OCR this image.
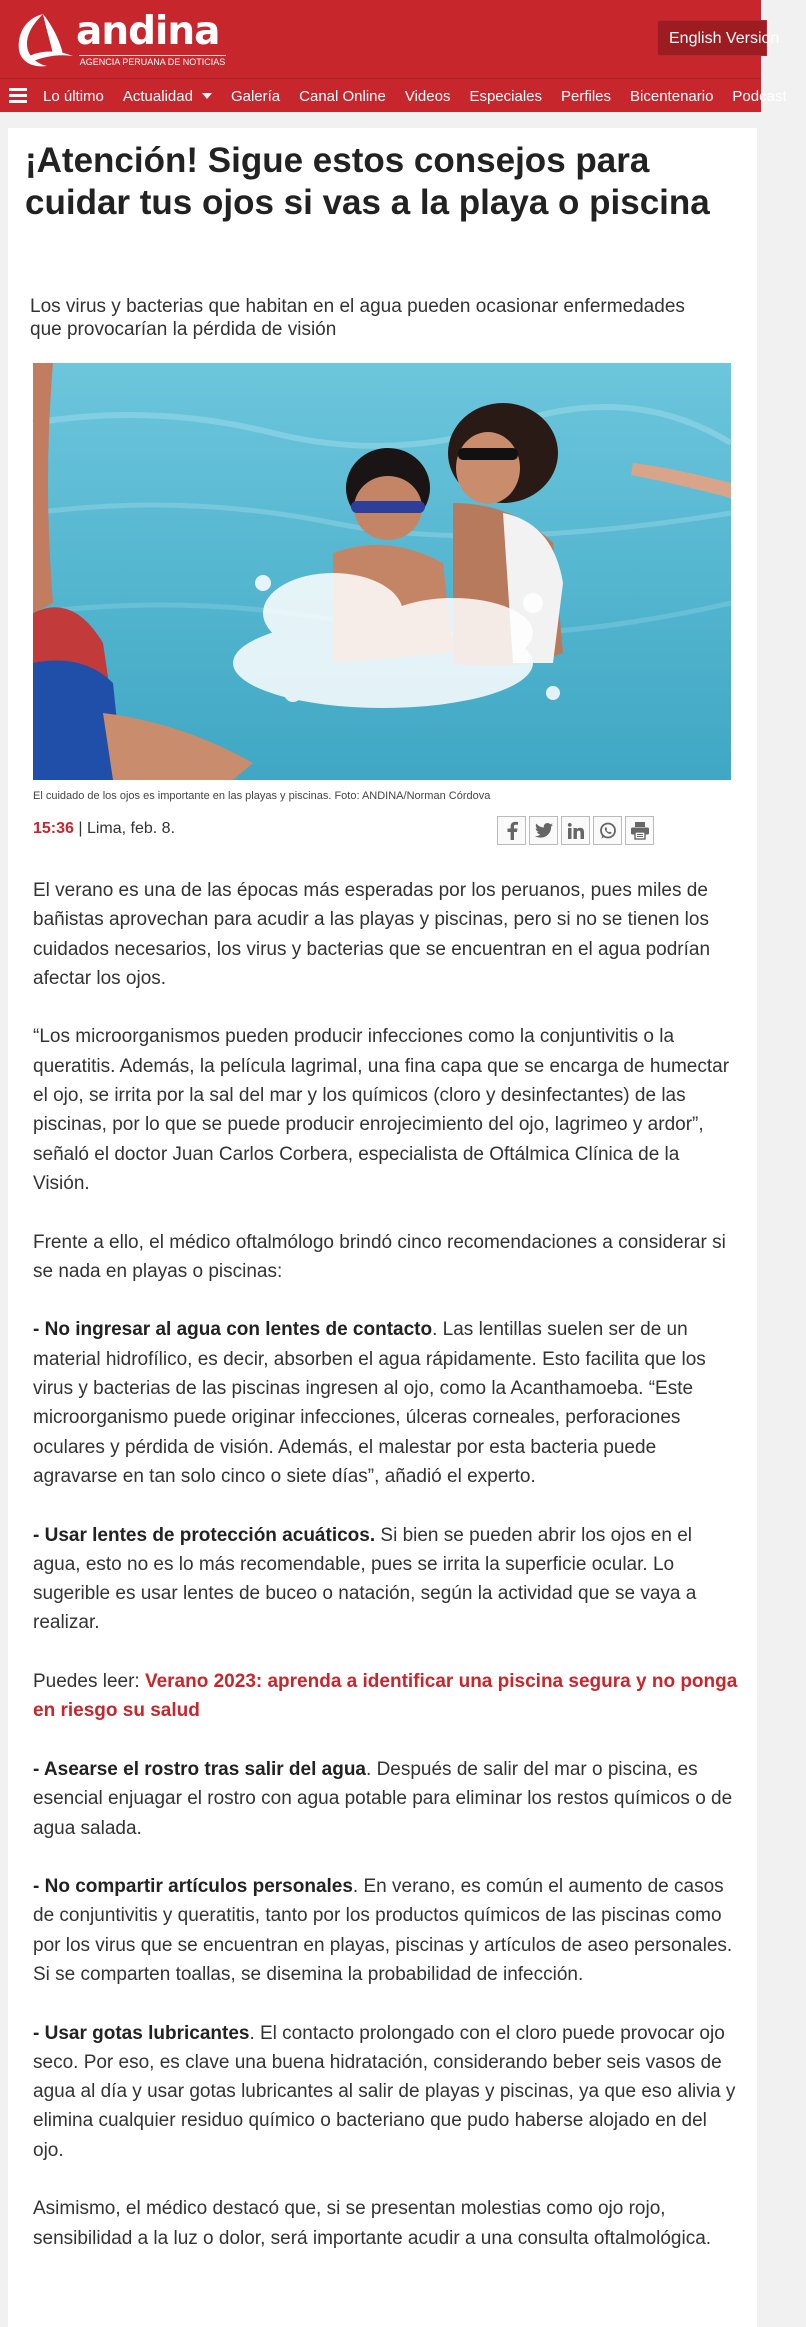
andina
AGENCIA PERUANA DE NOTICIAS
English Version
Lo último Actualidad	Galería Canal Online Videos Especiales Perfiles Bicentenario Podcast
¡Atención! Sigue estos consejos para cuidar tus ojos si vas a la playa o piscina
Los virus y bacterias que habitan en el agua pueden ocasionar enfermedades que provocarían la pérdida de visión
El cuidado de los ojos es importante en las playas y piscinas. Foto: ANDINA/Norman Córdova
15:36 | Lima, feb. 8.

El verano es una de las épocas más esperadas por los peruanos, pues miles de bañistas aprovechan para acudir a las playas y piscinas, pero si no se tienen los cuidados necesarios, los virus y bacterias que se encuentran en el agua podrían afectar los ojos.

“Los microorganismos pueden producir infecciones como la conjuntivitis o la queratitis. Además, la película lagrimal, una fina capa que se encarga de humectar el ojo, se irrita por la sal del mar y los químicos (cloro y desinfectantes) de las piscinas, por lo que se puede producir enrojecimiento del ojo, lagrimeo y ardor”, señaló el doctor Juan Carlos Corbera, especialista de Oftálmica Clínica de la Visión.

Frente a ello, el médico oftalmólogo brindó cinco recomendaciones a considerar si se nada en playas o piscinas:

- No ingresar al agua con lentes de contacto. Las lentillas suelen ser de un material hidrofílico, es decir, absorben el agua rápidamente. Esto facilita que los virus y bacterias de las piscinas ingresen al ojo, como la Acanthamoeba. “Este microorganismo puede originar infecciones, úlceras corneales, perforaciones oculares y pérdida de visión. Además, el malestar por esta bacteria puede agravarse en tan solo cinco o siete días”, añadió el experto.

- Usar lentes de protección acuáticos. Si bien se pueden abrir los ojos en el agua, esto no es lo más recomendable, pues se irrita la superficie ocular. Lo sugerible es usar lentes de buceo o natación, según la actividad que se vaya a realizar.

Puedes leer: Verano 2023: aprenda a identificar una piscina segura y no ponga en riesgo su salud

- Asearse el rostro tras salir del agua. Después de salir del mar o piscina, es esencial enjuagar el rostro con agua potable para eliminar los restos químicos o de agua salada.

- No compartir artículos personales. En verano, es común el aumento de casos de conjuntivitis y queratitis, tanto por los productos químicos de las piscinas como por los virus que se encuentran en playas, piscinas y artículos de aseo personales. Si se comparten toallas, se disemina la probabilidad de infección.

- Usar gotas lubricantes. El contacto prolongado con el cloro puede provocar ojo seco. Por eso, es clave una buena hidratación, considerando beber seis vasos de agua al día y usar gotas lubricantes al salir de playas y piscinas, ya que eso alivia y elimina cualquier residuo químico o bacteriano que pudo haberse alojado en del ojo.

Asimismo, el médico destacó que, si se presentan molestias como ojo rojo, sensibilidad a la luz o dolor, será importante acudir a una consulta oftalmológica.
